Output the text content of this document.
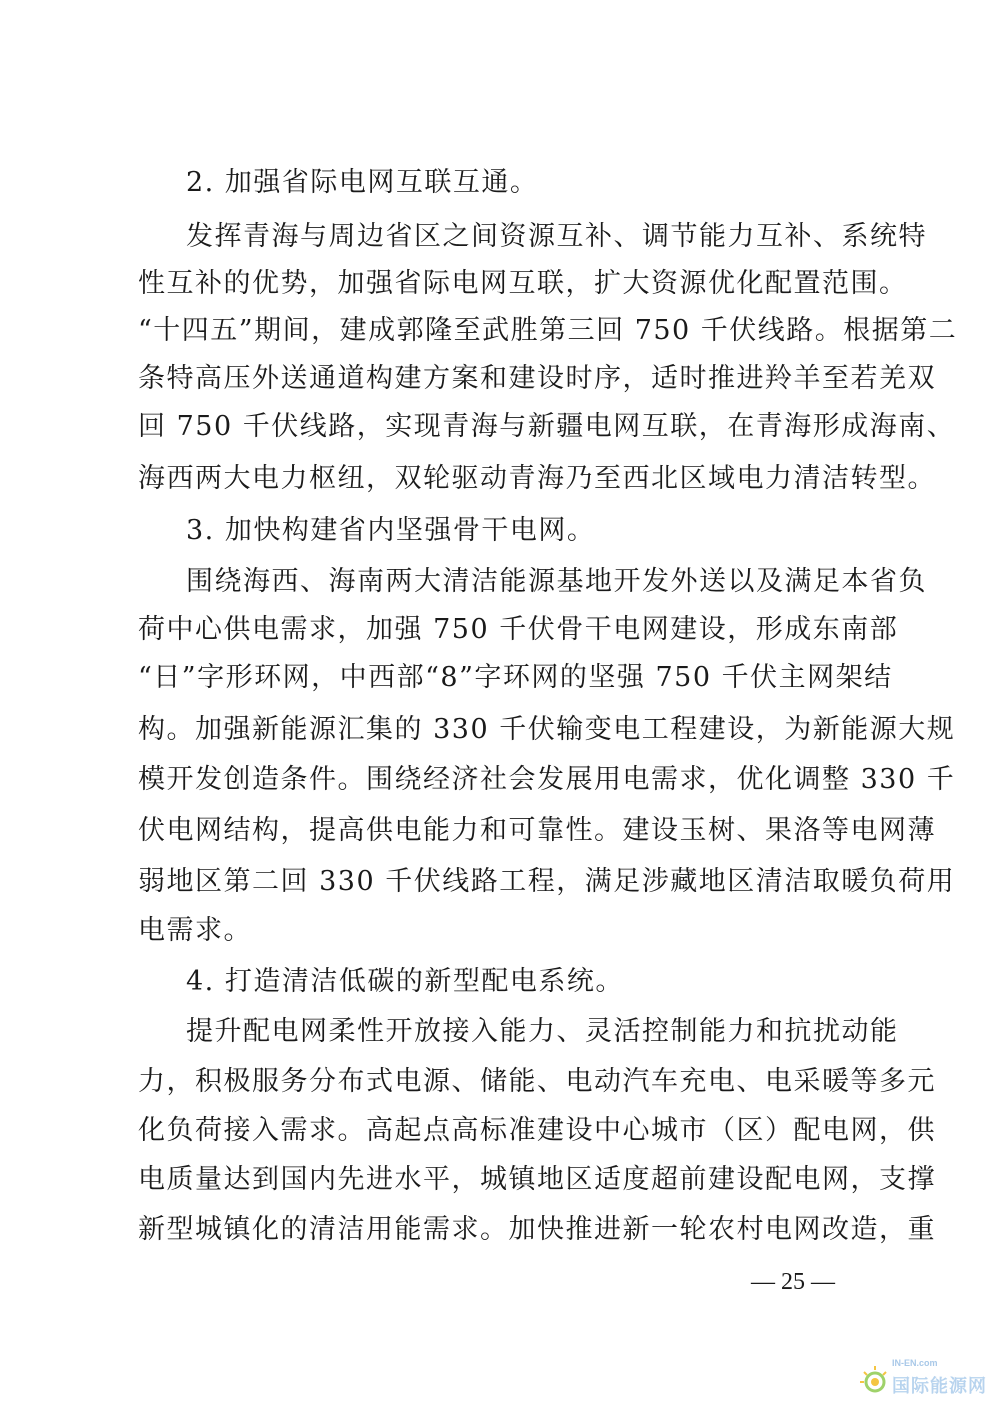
2. 加强省际电网互联互通。
发挥青海与周边省区之间资源互补、调节能力互补、系统特
性互补的优势，加强省际电网互联，扩大资源优化配置范围。
“十四五”期间，建成郭隆至武胜第三回 750 千伏线路。根据第二
条特高压外送通道构建方案和建设时序，适时推进羚羊至若羌双
回 750 千伏线路，实现青海与新疆电网互联，在青海形成海南、
海西两大电力枢纽，双轮驱动青海乃至西北区域电力清洁转型。
3. 加快构建省内坚强骨干电网。
围绕海西、海南两大清洁能源基地开发外送以及满足本省负
荷中心供电需求，加强 750 千伏骨干电网建设，形成东南部
“日”字形环网，中西部“8”字环网的坚强 750 千伏主网架结
构。加强新能源汇集的 330 千伏输变电工程建设，为新能源大规
模开发创造条件。围绕经济社会发展用电需求，优化调整 330 千
伏电网结构，提高供电能力和可靠性。建设玉树、果洛等电网薄
弱地区第二回 330 千伏线路工程，满足涉藏地区清洁取暖负荷用
电需求。
4. 打造清洁低碳的新型配电系统。
提升配电网柔性开放接入能力、灵活控制能力和抗扰动能
力，积极服务分布式电源、储能、电动汽车充电、电采暖等多元
化负荷接入需求。高起点高标准建设中心城市（区）配电网，供
电质量达到国内先进水平，城镇地区适度超前建设配电网，支撑
新型城镇化的清洁用能需求。加快推进新一轮农村电网改造，重
— 25 —
IN-EN.com
国际能源网
